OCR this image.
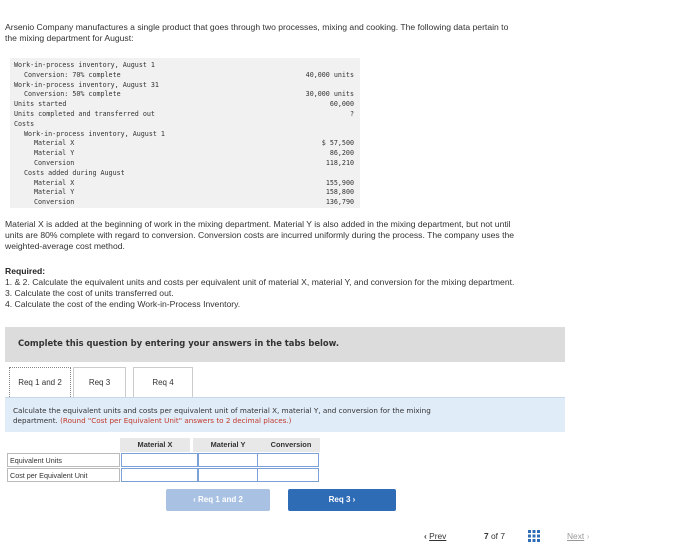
Arsenio Company manufactures a single product that goes through two processes, mixing and cooking. The following data pertain to
the mixing department for August:
Work-in-process inventory, August 1
Conversion: 70% complete	40,000 units
Work-in-process inventory, August 31
Conversion: 50% complete	30,000 units
Units started	60,000
Units completed and transferred out	?
Costs
Work-in-process inventory, August 1
Material X	$ 57,500
Material Y	86,200
Conversion	118,210
Costs added during August
Material X	155,900
Material Y	158,800
Conversion	136,790
Material X is added at the beginning of work in the mixing department. Material Y is also added in the mixing department, but not until
units are 80% complete with regard to conversion. Conversion costs are incurred uniformly during the process. The company uses the
weighted-average cost method.
Required:
1. & 2. Calculate the equivalent units and costs per equivalent unit of material X, material Y, and conversion for the mixing department.
3. Calculate the cost of units transferred out.
4. Calculate the cost of the ending Work-in-Process Inventory.
Complete this question by entering your answers in the tabs below.
Req 1 and 2	Req 3	Req 4
Calculate the equivalent units and costs per equivalent unit of material X, material Y, and conversion for the mixing
department. (Round "Cost per Equivalent Unit" answers to 2 decimal places.)
Material X	Material Y	Conversion
Equivalent Units
Cost per Equivalent Unit
‹ Req 1 and 2	Req 3 ›
‹ Prev	7 of 7	Next ›
